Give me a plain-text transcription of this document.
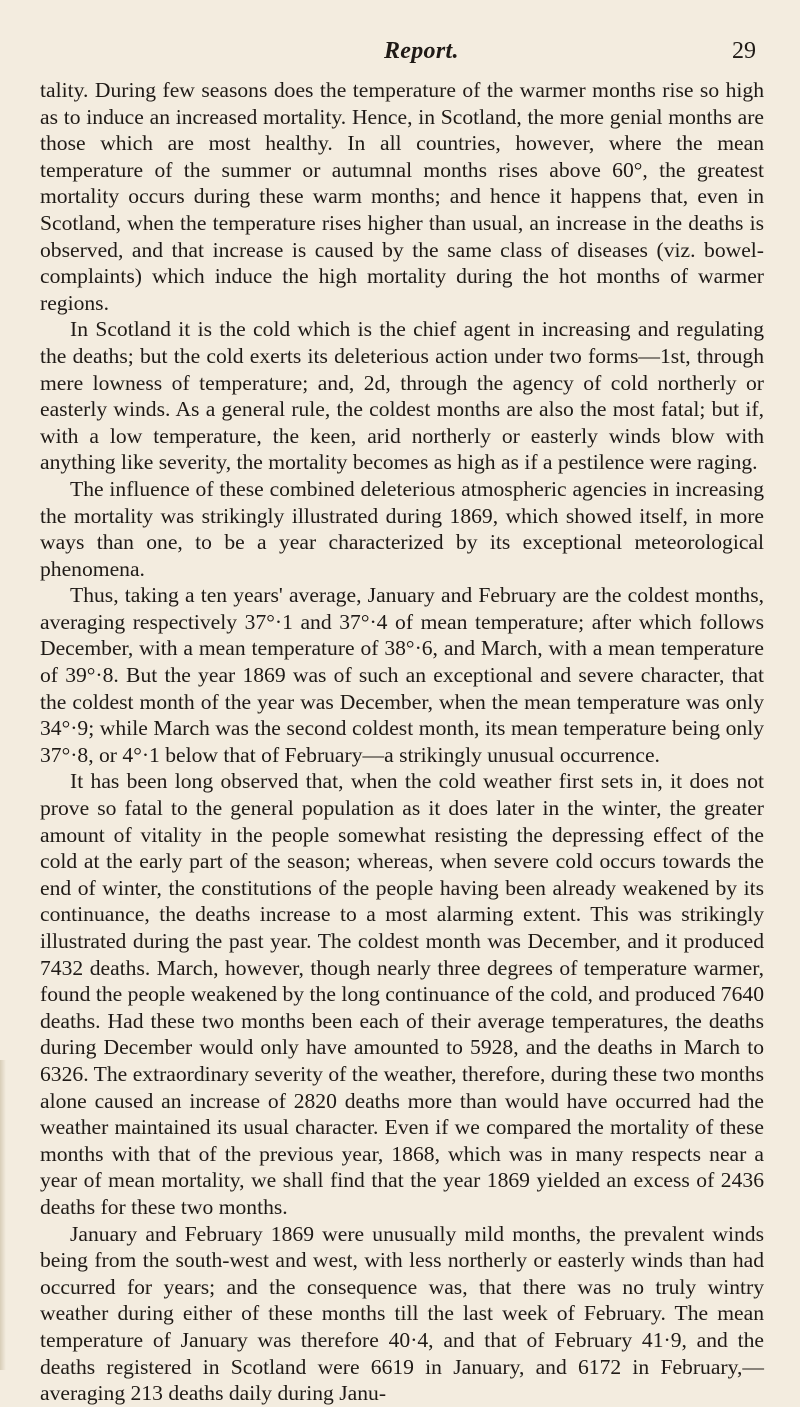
Report.	29

tality. During few seasons does the temperature of the warmer months rise so high as to induce an increased mortality. Hence, in Scotland, the more genial months are those which are most healthy. In all countries, however, where the mean temperature of the summer or autumnal months rises above 60°, the greatest mortality occurs during these warm months; and hence it happens that, even in Scotland, when the temperature rises higher than usual, an increase in the deaths is observed, and that increase is caused by the same class of diseases (viz. bowel-complaints) which induce the high mortality during the hot months of warmer regions.

In Scotland it is the cold which is the chief agent in increasing and regulating the deaths; but the cold exerts its deleterious action under two forms—1st, through mere lowness of temperature; and, 2d, through the agency of cold northerly or easterly winds. As a general rule, the coldest months are also the most fatal; but if, with a low temperature, the keen, arid northerly or easterly winds blow with anything like severity, the mortality becomes as high as if a pestilence were raging.

The influence of these combined deleterious atmospheric agencies in increasing the mortality was strikingly illustrated during 1869, which showed itself, in more ways than one, to be a year characterized by its exceptional meteorological phenomena.

Thus, taking a ten years' average, January and February are the coldest months, averaging respectively 37°·1 and 37°·4 of mean temperature; after which follows December, with a mean temperature of 38°·6, and March, with a mean temperature of 39°·8. But the year 1869 was of such an exceptional and severe character, that the coldest month of the year was December, when the mean temperature was only 34°·9; while March was the second coldest month, its mean temperature being only 37°·8, or 4°·1 below that of February—a strikingly unusual occurrence.

It has been long observed that, when the cold weather first sets in, it does not prove so fatal to the general population as it does later in the winter, the greater amount of vitality in the people somewhat resisting the depressing effect of the cold at the early part of the season; whereas, when severe cold occurs towards the end of winter, the constitutions of the people having been already weakened by its continuance, the deaths increase to a most alarming extent. This was strikingly illustrated during the past year. The coldest month was December, and it produced 7432 deaths. March, however, though nearly three degrees of temperature warmer, found the people weakened by the long continuance of the cold, and produced 7640 deaths. Had these two months been each of their average temperatures, the deaths during December would only have amounted to 5928, and the deaths in March to 6326. The extraordinary severity of the weather, therefore, during these two months alone caused an increase of 2820 deaths more than would have occurred had the weather maintained its usual character. Even if we compared the mortality of these months with that of the previous year, 1868, which was in many respects near a year of mean mortality, we shall find that the year 1869 yielded an excess of 2436 deaths for these two months.

January and February 1869 were unusually mild months, the prevalent winds being from the south-west and west, with less northerly or easterly winds than had occurred for years; and the consequence was, that there was no truly wintry weather during either of these months till the last week of February. The mean temperature of January was therefore 40·4, and that of February 41·9, and the deaths registered in Scotland were 6619 in January, and 6172 in February,—averaging 213 deaths daily during Janu-
